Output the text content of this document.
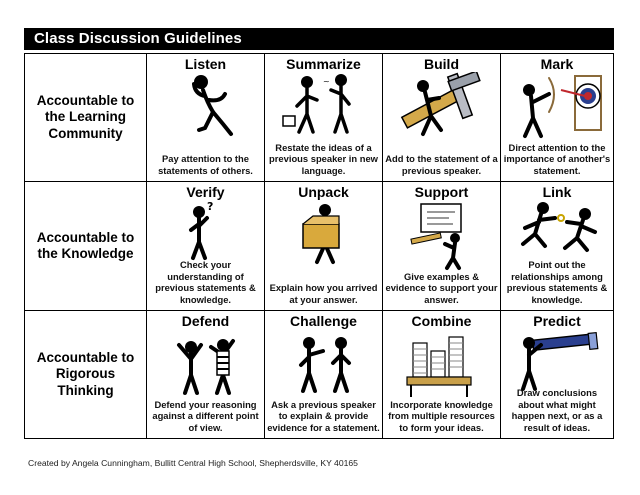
Class Discussion Guidelines
Accountable to the Learning Community
Listen
Pay attention to the statements of others.
Summarize
~
Restate the ideas of a previous speaker in new language.
Build
Add to the statement of a previous speaker.
Mark
Direct attention to the importance of another's statement.
Accountable to the Knowledge
Verify
?
Check your understanding of previous statements & knowledge.
Unpack
Explain how you arrived at your answer.
Support
Give examples & evidence to support your answer.
Link
Point out the relationships among previous statements & knowledge.
Accountable to Rigorous Thinking
Defend
Defend your reasoning against a different point of view.
Challenge
Ask a previous speaker to explain & provide evidence for a statement.
Combine
Incorporate knowledge from multiple resources to form your ideas.
Predict
Draw conclusions about what might happen next, or as a result of ideas.
Created by Angela Cunningham, Bullitt Central High School, Shepherdsville, KY 40165
